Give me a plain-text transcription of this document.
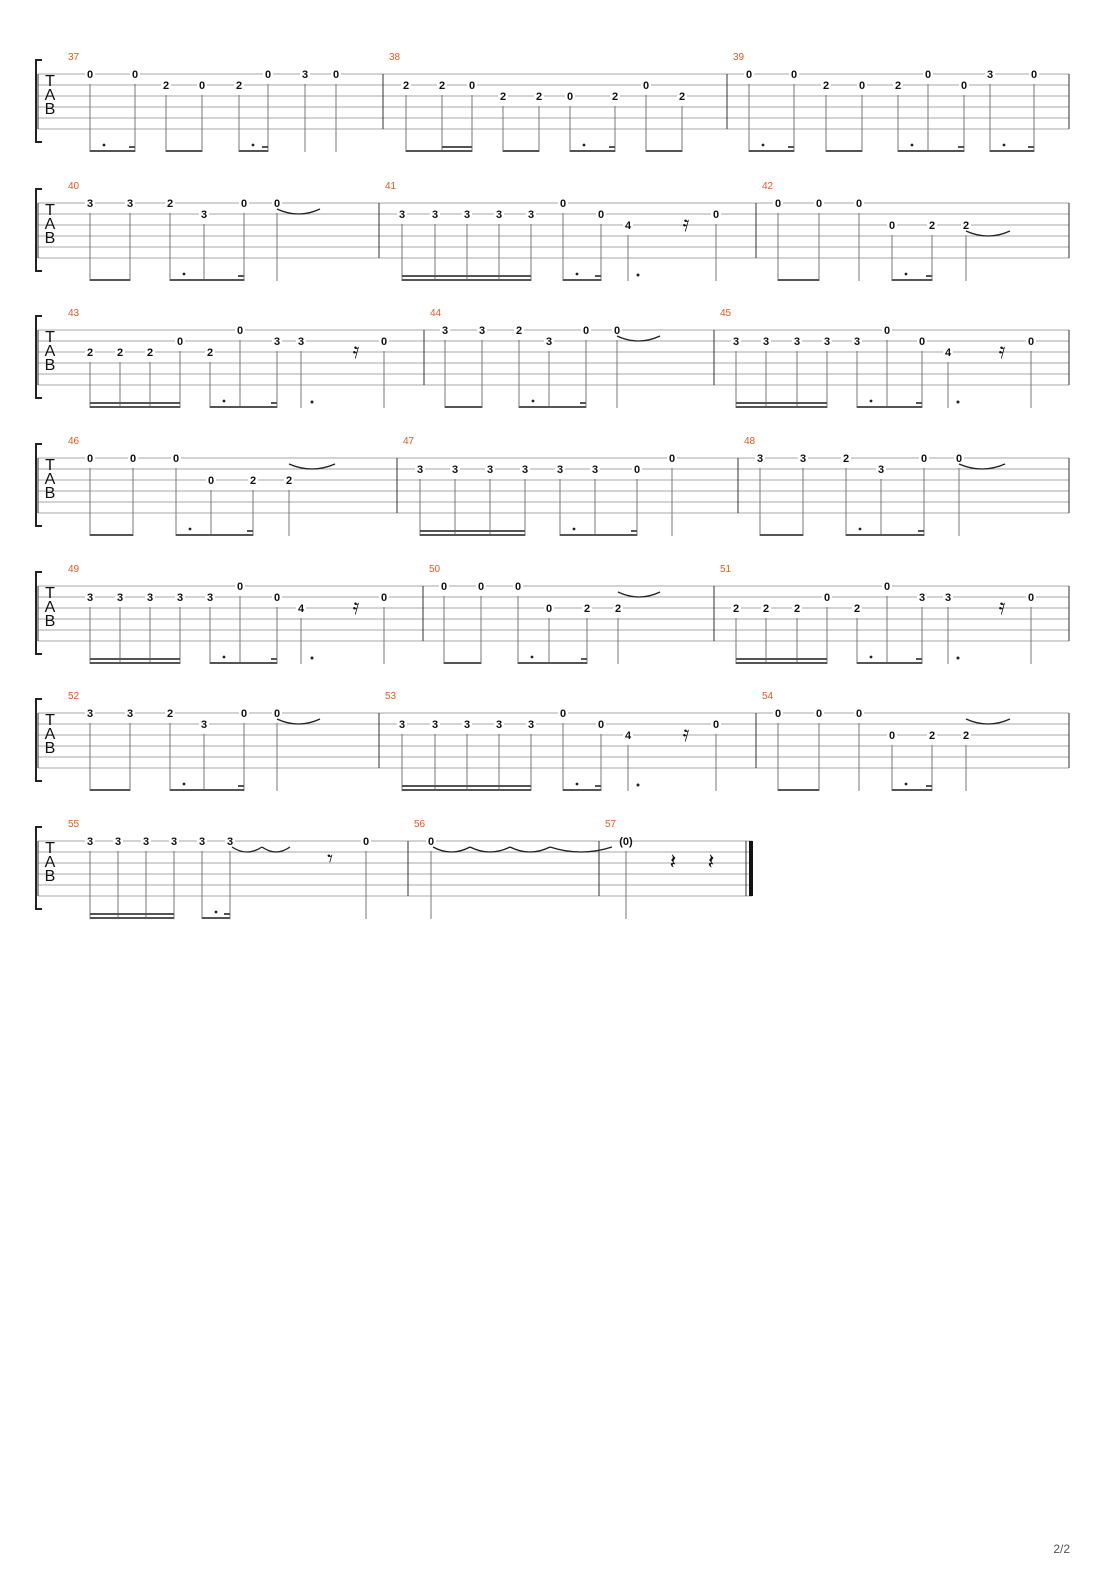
T
A
B
37
0	0
2	0	2
0	3 0
38
2	2 0
2	2 0	2
0
2
39
0	0
2	0	2
0
0
3	0
T
A
B
40
3	3	2
3
0 0
41
3 3 3 3 3
0
0
4
0
42
0	0	0
0	2	2
T
A
B
43
2 2 2
0
2
0
3 3	0
44
3	3	2
3
0 0
45
3 3 3 3 3
0
0
4
0
T
A
B
46
0	0	0
0	2	2
47
3	3	3	3	3	3	0
0
48
3	3	2
3
0	0
T
A
B
49
3 3 3 3 3
0
0
4
0
50
0	0	0
0	2 2
51
2 2 2
0
2
0
3 3	0
T
A
B
52
3	3	2
3
0 0
53
3 3 3 3 3
0
0
4
0
54
0	0	0
0	2	2
T
A
B
55
3 3 3 3 3 3	0
56
0
57
(0)
𝄿
𝄿	𝄿
𝄿	𝄿
𝄿
𝄾	𝄽 𝄽
2/2
